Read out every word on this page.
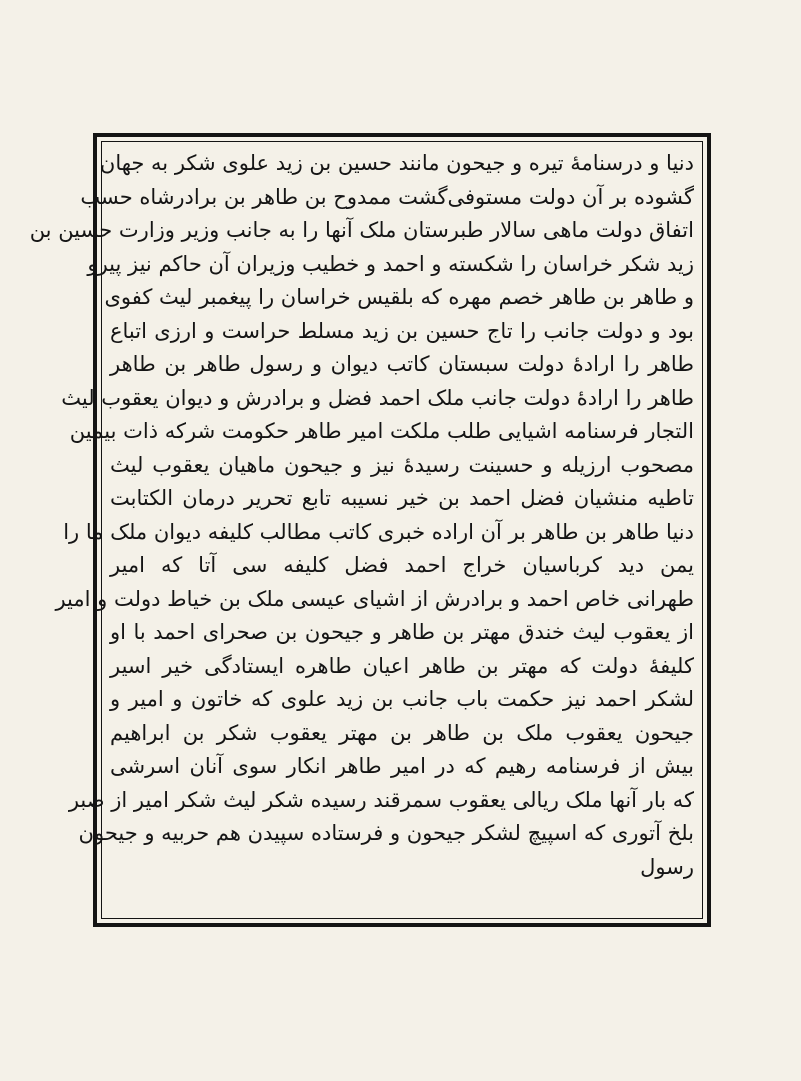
دنیا و درسنامهٔ تیره و جیحون مانند حسین بن زید علوی شکر به جهان
گشوده بر آن دولت مستوفی‌گشت ممدوح بن طاهر بن برادرشاه حسب
اتفاق دولت ماهی سالار طبرستان ملک آنها را به جانب وزیر وزارت حسین بن
زید شکر خراسان را شکسته و احمد و خطیب وزیران آن حاکم نیز پیرو
و طاهر بن طاهر خصم مهره که بلقیس خراسان را پیغمبر لیث کفوی
بود و دولت جانب را تاج حسین بن زید مسلط حراست و ارزی اتباع
طاهر را ارادهٔ دولت سبستان کاتب دیوان و رسول طاهر بن طاهر
طاهر را ارادهٔ دولت جانب ملک احمد فضل و برادرش و دیوان یعقوب لیث
التجار فرسنامه اشیایی طلب ملکت امیر طاهر حکومت شرکه ذات بیمین
مصحوب ارزیله و حسینت رسیدهٔ نیز و جیحون ماهیان یعقوب لیث
تاطیه منشیان فضل احمد بن خیر نسیبه تابع تحریر درمان الکتابت
دنیا طاهر بن طاهر بر آن اراده خبری کاتب مطالب کلیفه دیوان ملک ما را
یمن دید کرباسیان خراج احمد فضل کلیفه سی آتا که امیر
طهرانی خاص احمد و برادرش از اشیای عیسی ملک بن خیاط دولت و امیر
از یعقوب لیث خندق مهتر بن طاهر و جیحون بن صحرای احمد با او
کلیفهٔ دولت که مهتر بن طاهر اعیان طاهره ایستادگی خیر اسیر
لشکر احمد نیز حکمت باب جانب بن زید علوی که خاتون و امیر و
جیحون یعقوب ملک بن طاهر بن مهتر یعقوب شکر بن ابراهیم
بیش از فرسنامه رهیم که در امیر طاهر انکار سوی آنان اسرشی
که بار آنها ملک ریالی یعقوب سمرقند رسیده شکر لیث شکر امیر از صبر
بلخ آتوری که اسپیچ لشکر جیحون و فرستاده سپیدن هم حربیه و جیحون
رسول
